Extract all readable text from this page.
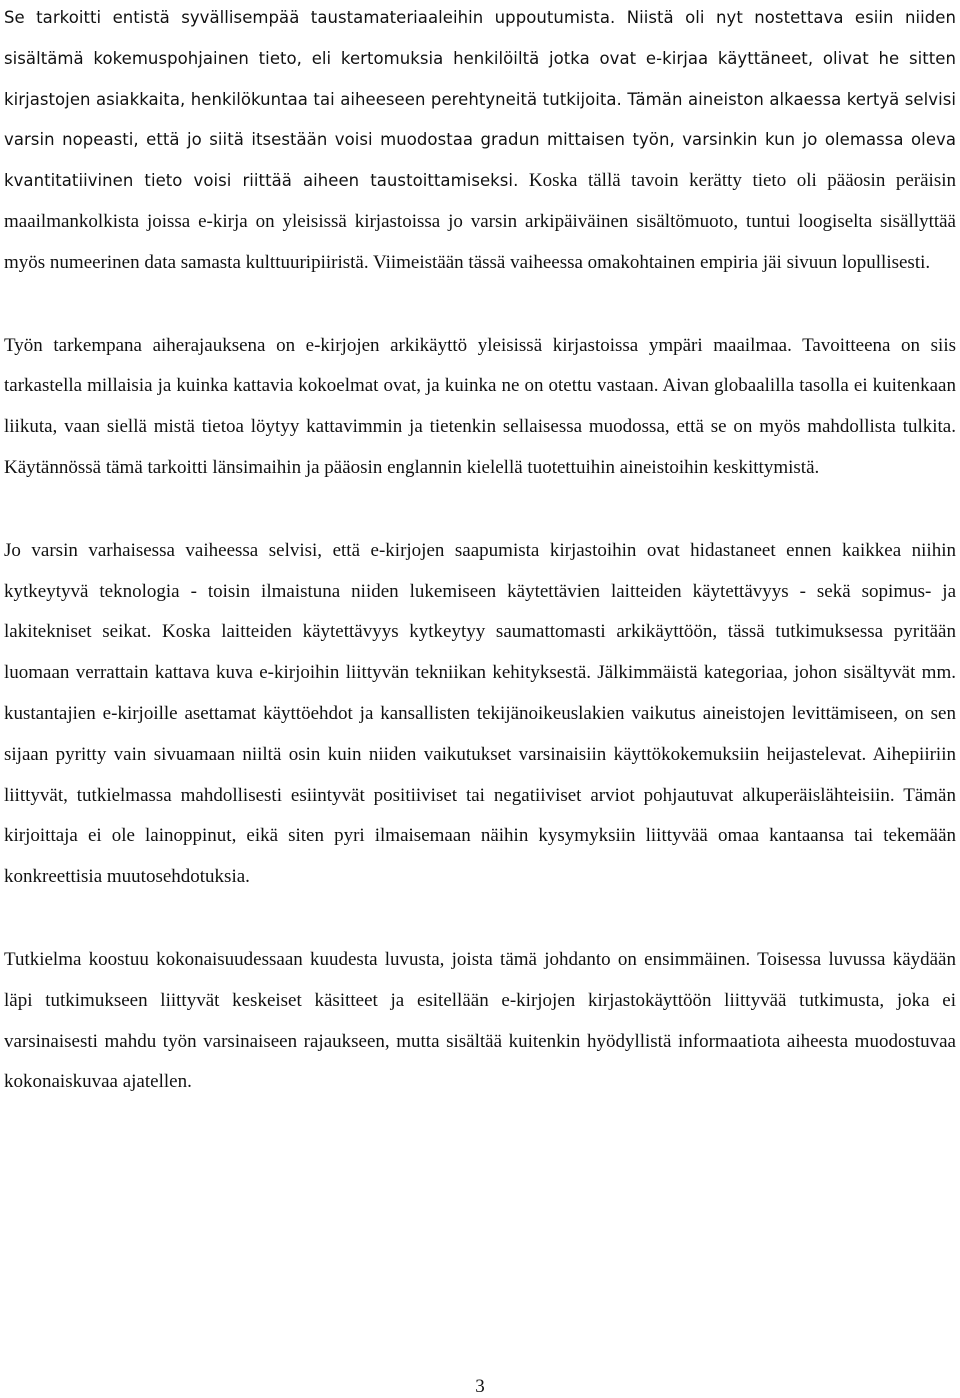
Se tarkoitti entistä syvällisempää taustamateriaaleihin uppoutumista. Niistä oli nyt nostettava esiin niiden sisältämä kokemuspohjainen tieto, eli kertomuksia henkilöiltä jotka ovat e-kirjaa käyttäneet, olivat he sitten kirjastojen asiakkaita, henkilökuntaa tai aiheeseen perehtyneitä tutkijoita. Tämän aineiston alkaessa kertyä selvisi varsin nopeasti, että jo siitä itsestään voisi muodostaa gradun mittaisen työn, varsinkin kun jo olemassa oleva kvantitatiivinen tieto voisi riittää aiheen taustoittamiseksi. Koska tällä tavoin kerätty tieto oli pääosin peräisin maailmankolkista joissa e-kirja on yleisissä kirjastoissa jo varsin arkipäiväinen sisältömuoto, tuntui loogiselta sisällyttää myös numeerinen data samasta kulttuuripiiristä. Viimeistään tässä vaiheessa omakohtainen empiria jäi sivuun lopullisesti.

Työn tarkempana aiherajauksena on e-kirjojen arkikäyttö yleisissä kirjastoissa ympäri maailmaa. Tavoitteena on siis tarkastella millaisia ja kuinka kattavia kokoelmat ovat, ja kuinka ne on otettu vastaan. Aivan globaalilla tasolla ei kuitenkaan liikuta, vaan siellä mistä tietoa löytyy kattavimmin ja tietenkin sellaisessa muodossa, että se on myös mahdollista tulkita. Käytännössä tämä tarkoitti länsimaihin ja pääosin englannin kielellä tuotettuihin aineistoihin keskittymistä.

Jo varsin varhaisessa vaiheessa selvisi, että e-kirjojen saapumista kirjastoihin ovat hidastaneet ennen kaikkea niihin kytkeytyvä teknologia - toisin ilmaistuna niiden lukemiseen käytettävien laitteiden käytettävyys - sekä sopimus- ja lakitekniset seikat. Koska laitteiden käytettävyys kytkeytyy saumattomasti arkikäyttöön, tässä tutkimuksessa pyritään luomaan verrattain kattava kuva e-kirjoihin liittyvän tekniikan kehityksestä. Jälkimmäistä kategoriaa, johon sisältyvät mm. kustantajien e-kirjoille asettamat käyttöehdot ja kansallisten tekijänoikeuslakien vaikutus aineistojen levittämiseen, on sen sijaan pyritty vain sivuamaan niiltä osin kuin niiden vaikutukset varsinaisiin käyttökokemuksiin heijastelevat. Aihepiiriin liittyvät, tutkielmassa mahdollisesti esiintyvät positiiviset tai negatiiviset arviot pohjautuvat alkuperäislähteisiin. Tämän kirjoittaja ei ole lainoppinut, eikä siten pyri ilmaisemaan näihin kysymyksiin liittyvää omaa kantaansa tai tekemään konkreettisia muutosehdotuksia.

Tutkielma koostuu kokonaisuudessaan kuudesta luvusta, joista tämä johdanto on ensimmäinen. Toisessa luvussa käydään läpi tutkimukseen liittyvät keskeiset käsitteet ja esitellään e-kirjojen kirjastokäyttöön liittyvää tutkimusta, joka ei varsinaisesti mahdu työn varsinaiseen rajaukseen, mutta sisältää kuitenkin hyödyllistä informaatiota aiheesta muodostuvaa kokonaiskuvaa ajatellen.

3
